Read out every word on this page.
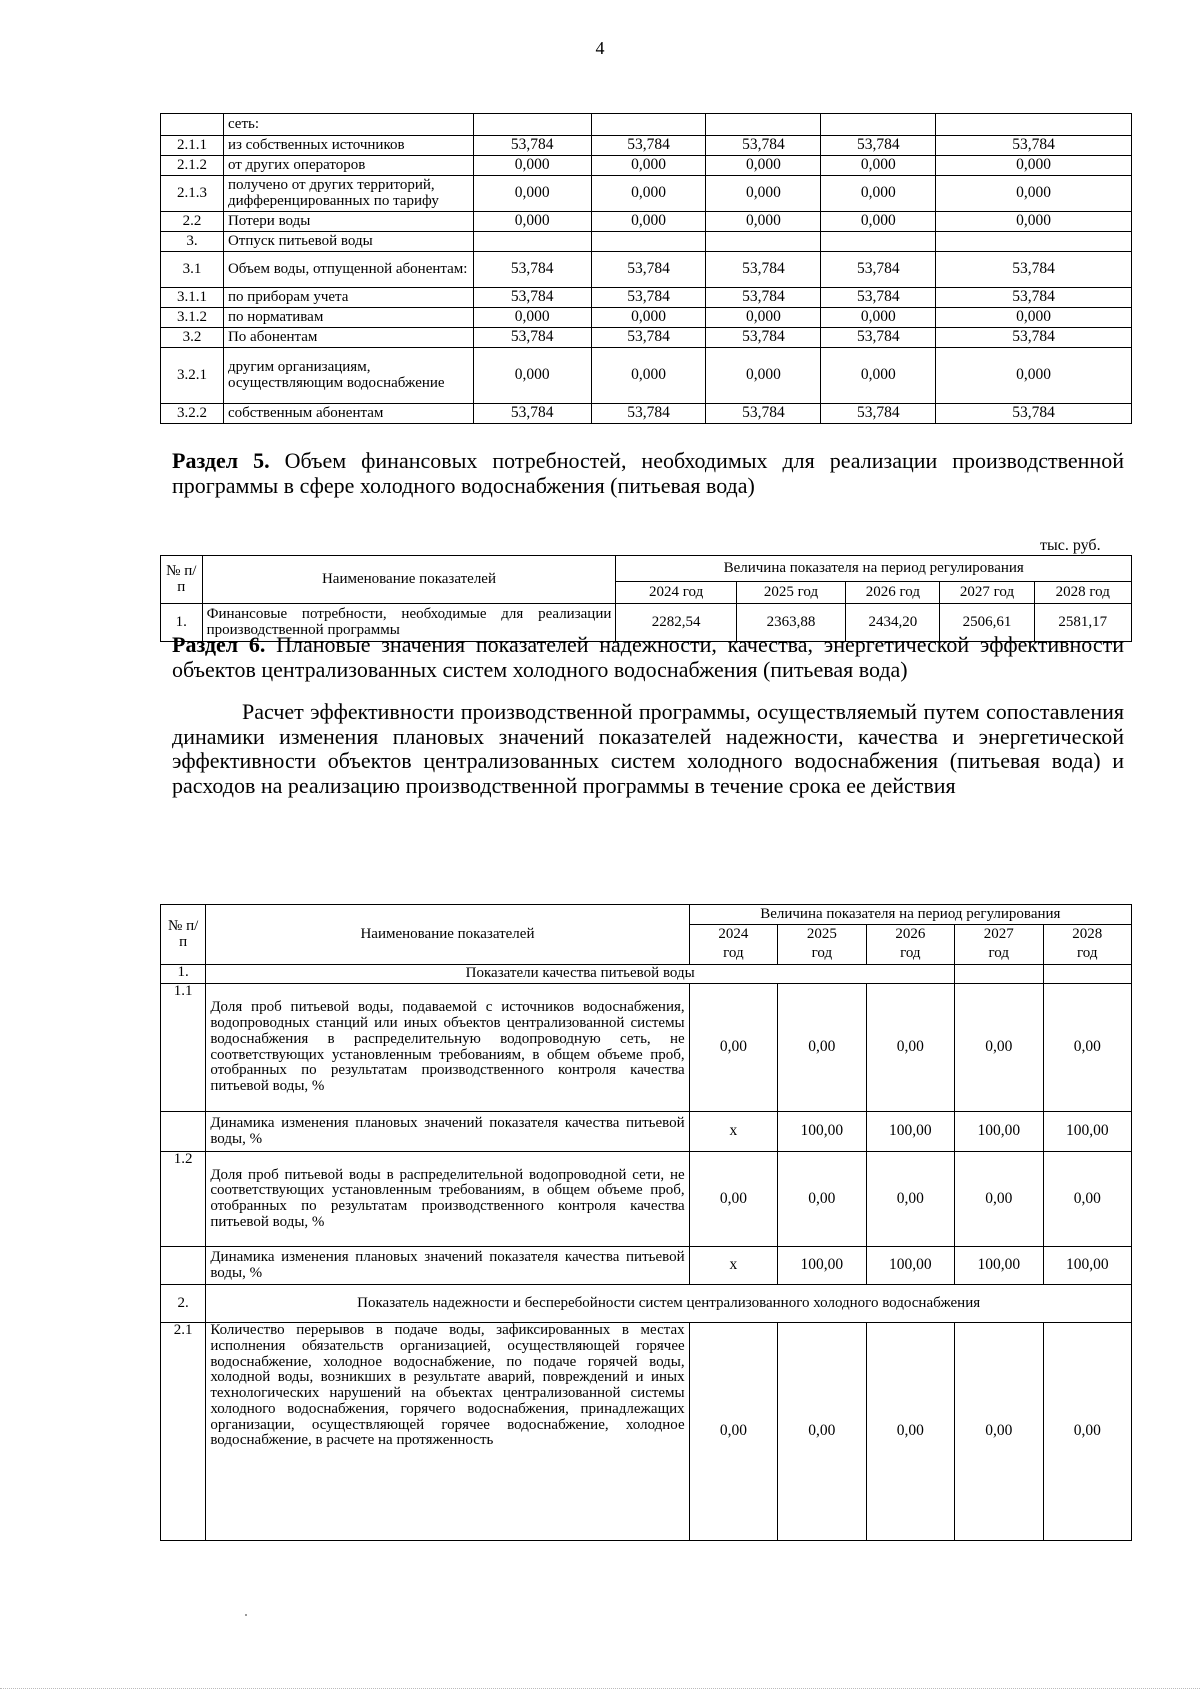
4
	сеть:					
2.1.1	из собственных источников	53,784	53,784	53,784	53,784	53,784
2.1.2	от других операторов	0,000	0,000	0,000	0,000	0,000
2.1.3	получено от других территорий, дифференцированных по тарифу	0,000	0,000	0,000	0,000	0,000
2.2	Потери воды	0,000	0,000	0,000	0,000	0,000
3.	Отпуск питьевой воды					
3.1	Объем воды, отпущенной абонентам:	53,784	53,784	53,784	53,784	53,784
3.1.1	по приборам учета	53,784	53,784	53,784	53,784	53,784
3.1.2	по нормативам	0,000	0,000	0,000	0,000	0,000
3.2	По абонентам	53,784	53,784	53,784	53,784	53,784
3.2.1	другим организациям, осуществляющим водоснабжение	0,000	0,000	0,000	0,000	0,000
3.2.2	собственным абонентам	53,784	53,784	53,784	53,784	53,784
Раздел 5. Объем финансовых потребностей, необходимых для реализации производственной программы в сфере холодного водоснабжения (питьевая вода)
тыс. руб.
№ п/п	Наименование показателей	Величина показателя на период регулирования				
		2024 год	2025 год	2026 год	2027 год	2028 год
1.	Финансовые потребности, необходимые для реализации производственной программы	2282,54	2363,88	2434,20	2506,61	2581,17
Раздел 6. Плановые значения показателей надежности, качества, энергетической эффективности объектов централизованных систем холодного водоснабжения (питьевая вода)
Расчет эффективности производственной программы, осуществляемый путем сопоставления динамики изменения плановых значений показателей надежности, качества и энергетической эффективности объектов централизованных систем холодного водоснабжения (питьевая вода) и расходов на реализацию производственной программы в течение срока ее действия
№ п/п	Наименование показателей	Величина показателя на период регулирования				
		2024	2025	2026	2027	2028
		год	год	год	год	год
1.	Показатели качества питьевой воды					
1.1	Доля проб питьевой воды, подаваемой с источников водоснабжения, водопроводных станций или иных объектов централизованной системы водоснабжения в распределительную водопроводную сеть, не соответствующих установленным требованиям, в общем объеме проб, отобранных по результатам производственного контроля качества питьевой воды, %	0,00	0,00	0,00	0,00	0,00
	Динамика изменения плановых значений показателя качества питьевой воды, %	х	100,00	100,00	100,00	100,00
1.2	Доля проб питьевой воды в распределительной водопроводной сети, не соответствующих установленным требованиям, в общем объеме проб, отобранных по результатам производственного контроля качества питьевой воды, %	0,00	0,00	0,00	0,00	0,00
	Динамика изменения плановых значений показателя качества питьевой воды, %	х	100,00	100,00	100,00	100,00
2.	Показатель надежности и бесперебойности систем централизованного холодного водоснабжения					
2.1	Количество перерывов в подаче воды, зафиксированных в местах исполнения обязательств организацией, осуществляющей горячее водоснабжение, холодное водоснабжение, по подаче горячей воды, холодной воды, возникших в результате аварий, повреждений и иных технологических нарушений на объектах централизованной системы холодного водоснабжения, горячего водоснабжения, принадлежащих организации, осуществляющей горячее водоснабжение, холодное водоснабжение, в расчете на протяженность	0,00	0,00	0,00	0,00	0,00
